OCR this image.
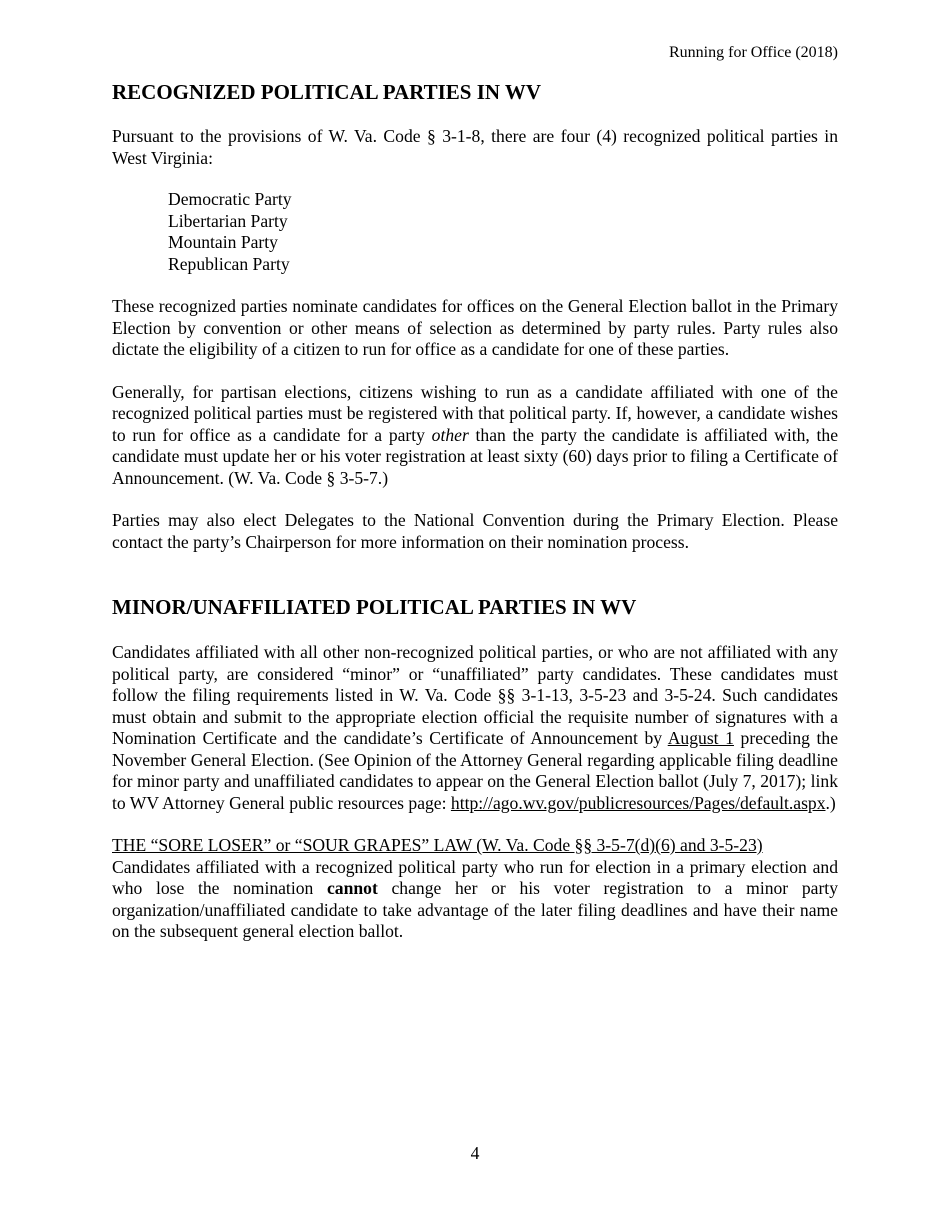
Running for Office (2018)
RECOGNIZED POLITICAL PARTIES IN WV

Pursuant to the provisions of W. Va. Code § 3-1-8, there are four (4) recognized political parties in West Virginia:

Democratic Party
Libertarian Party
Mountain Party
Republican Party

These recognized parties nominate candidates for offices on the General Election ballot in the Primary Election by convention or other means of selection as determined by party rules. Party rules also dictate the eligibility of a citizen to run for office as a candidate for one of these parties.

Generally, for partisan elections, citizens wishing to run as a candidate affiliated with one of the recognized political parties must be registered with that political party. If, however, a candidate wishes to run for office as a candidate for a party other than the party the candidate is affiliated with, the candidate must update her or his voter registration at least sixty (60) days prior to filing a Certificate of Announcement. (W. Va. Code § 3-5-7.)

Parties may also elect Delegates to the National Convention during the Primary Election. Please contact the party’s Chairperson for more information on their nomination process.

MINOR/UNAFFILIATED POLITICAL PARTIES IN WV

Candidates affiliated with all other non-recognized political parties, or who are not affiliated with any political party, are considered “minor” or “unaffiliated” party candidates. These candidates must follow the filing requirements listed in W. Va. Code §§ 3-1-13, 3-5-23 and 3-5-24. Such candidates must obtain and submit to the appropriate election official the requisite number of signatures with a Nomination Certificate and the candidate’s Certificate of Announcement by August 1 preceding the November General Election. (See Opinion of the Attorney General regarding applicable filing deadline for minor party and unaffiliated candidates to appear on the General Election ballot (July 7, 2017); link to WV Attorney General public resources page: http://ago.wv.gov/publicresources/Pages/default.aspx.)

THE “SORE LOSER” or “SOUR GRAPES” LAW (W. Va. Code §§ 3-5-7(d)(6) and 3-5-23)

Candidates affiliated with a recognized political party who run for election in a primary election and who lose the nomination cannot change her or his voter registration to a minor party organization/unaffiliated candidate to take advantage of the later filing deadlines and have their name on the subsequent general election ballot.

4
